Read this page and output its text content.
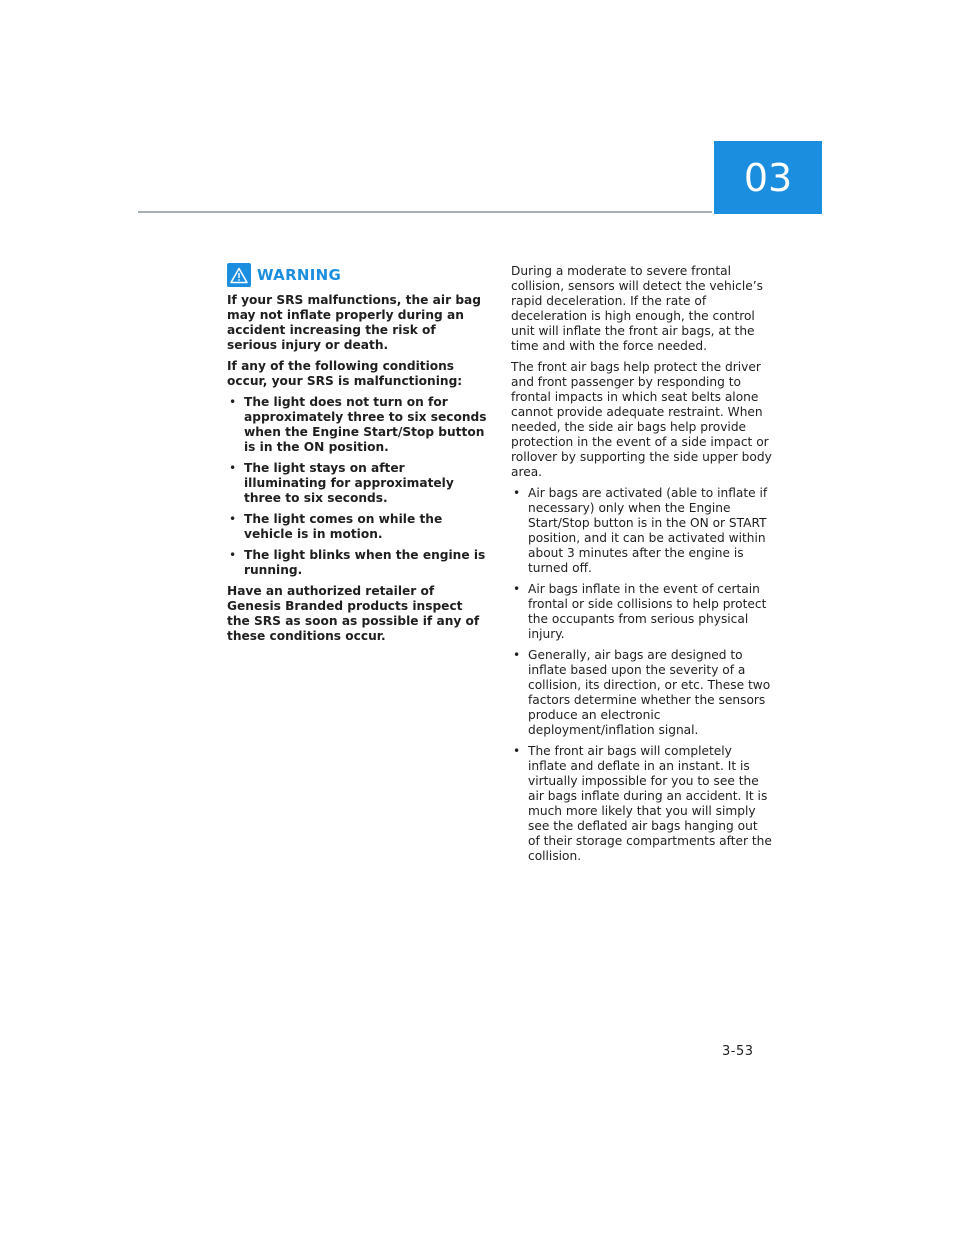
03
WARNING

If your SRS malfunctions, the air bag may not inflate properly during an accident increasing the risk of serious injury or death.

If any of the following conditions occur, your SRS is malfunctioning:

• The light does not turn on for approximately three to six seconds when the Engine Start/Stop button is in the ON position.
• The light stays on after illuminating for approximately three to six seconds.
• The light comes on while the vehicle is in motion.
• The light blinks when the engine is running.

Have an authorized retailer of Genesis Branded products inspect the SRS as soon as possible if any of these conditions occur.

During a moderate to severe frontal collision, sensors will detect the vehicle’s rapid deceleration. If the rate of deceleration is high enough, the control unit will inflate the front air bags, at the time and with the force needed.

The front air bags help protect the driver and front passenger by responding to frontal impacts in which seat belts alone cannot provide adequate restraint. When needed, the side air bags help provide protection in the event of a side impact or rollover by supporting the side upper body area.

• Air bags are activated (able to inflate if necessary) only when the Engine Start/Stop button is in the ON or START position, and it can be activated within about 3 minutes after the engine is turned off.
• Air bags inflate in the event of certain frontal or side collisions to help protect the occupants from serious physical injury.
• Generally, air bags are designed to inflate based upon the severity of a collision, its direction, or etc. These two factors determine whether the sensors produce an electronic deployment/inflation signal.
• The front air bags will completely inflate and deflate in an instant. It is virtually impossible for you to see the air bags inflate during an accident. It is much more likely that you will simply see the deflated air bags hanging out of their storage compartments after the collision.
3-53
